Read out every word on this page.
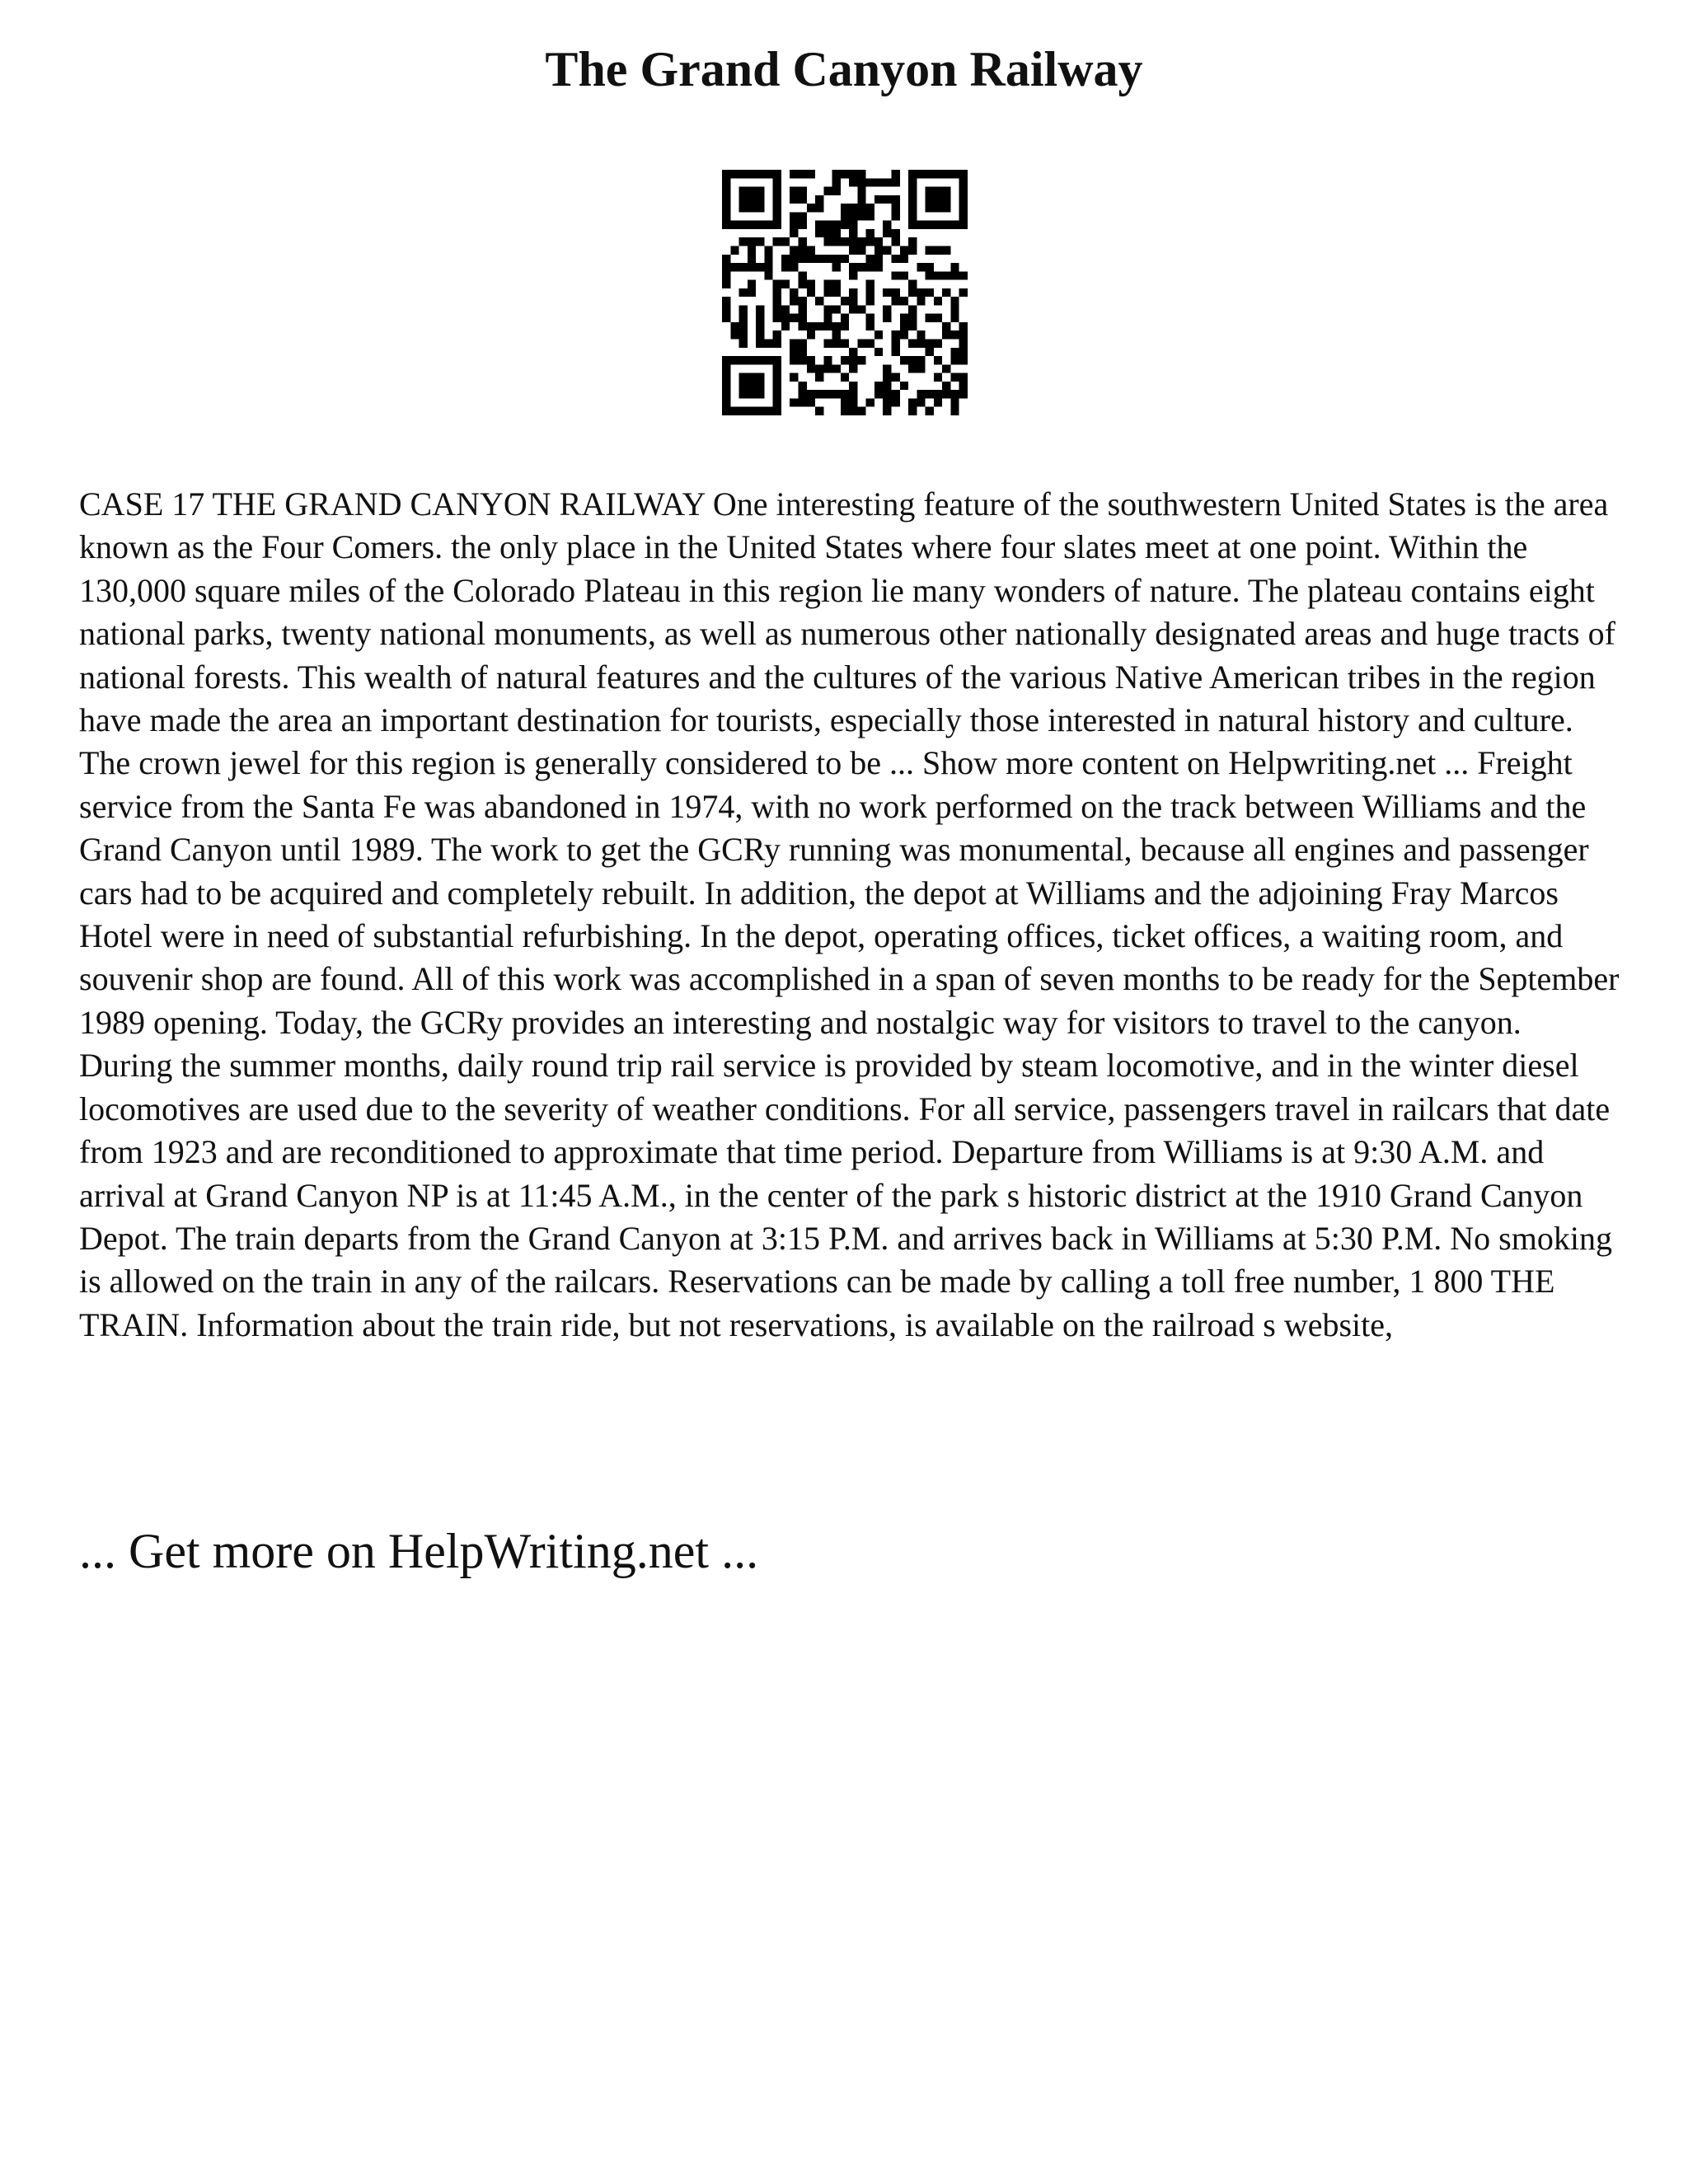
The Grand Canyon Railway

CASE 17 THE GRAND CANYON RAILWAY One interesting feature of the southwestern United States is the area known as the Four Comers. the only place in the United States where four slates meet at one point. Within the 130,000 square miles of the Colorado Plateau in this region lie many wonders of nature. The plateau contains eight national parks, twenty national monuments, as well as numerous other nationally designated areas and huge tracts of national forests. This wealth of natural features and the cultures of the various Native American tribes in the region have made the area an important destination for tourists, especially those interested in natural history and culture. The crown jewel for this region is generally considered to be ... Show more content on Helpwriting.net ... Freight service from the Santa Fe was abandoned in 1974, with no work performed on the track between Williams and the Grand Canyon until 1989. The work to get the GCRy running was monumental, because all engines and passenger cars had to be acquired and completely rebuilt. In addition, the depot at Williams and the adjoining Fray Marcos Hotel were in need of substantial refurbishing. In the depot, operating offices, ticket offices, a waiting room, and souvenir shop are found. All of this work was accomplished in a span of seven months to be ready for the September 1989 opening. Today, the GCRy provides an interesting and nostalgic way for visitors to travel to the canyon. During the summer months, daily round trip rail service is provided by steam locomotive, and in the winter diesel locomotives are used due to the severity of weather conditions. For all service, passengers travel in railcars that date from 1923 and are reconditioned to approximate that time period. Departure from Williams is at 9:30 A.M. and arrival at Grand Canyon NP is at 11:45 A.M., in the center of the park s historic district at the 1910 Grand Canyon Depot. The train departs from the Grand Canyon at 3:15 P.M. and arrives back in Williams at 5:30 P.M. No smoking is allowed on the train in any of the railcars. Reservations can be made by calling a toll free number, 1 800 THE TRAIN. Information about the train ride, but not reservations, is available on the railroad s website,

... Get more on HelpWriting.net ...
